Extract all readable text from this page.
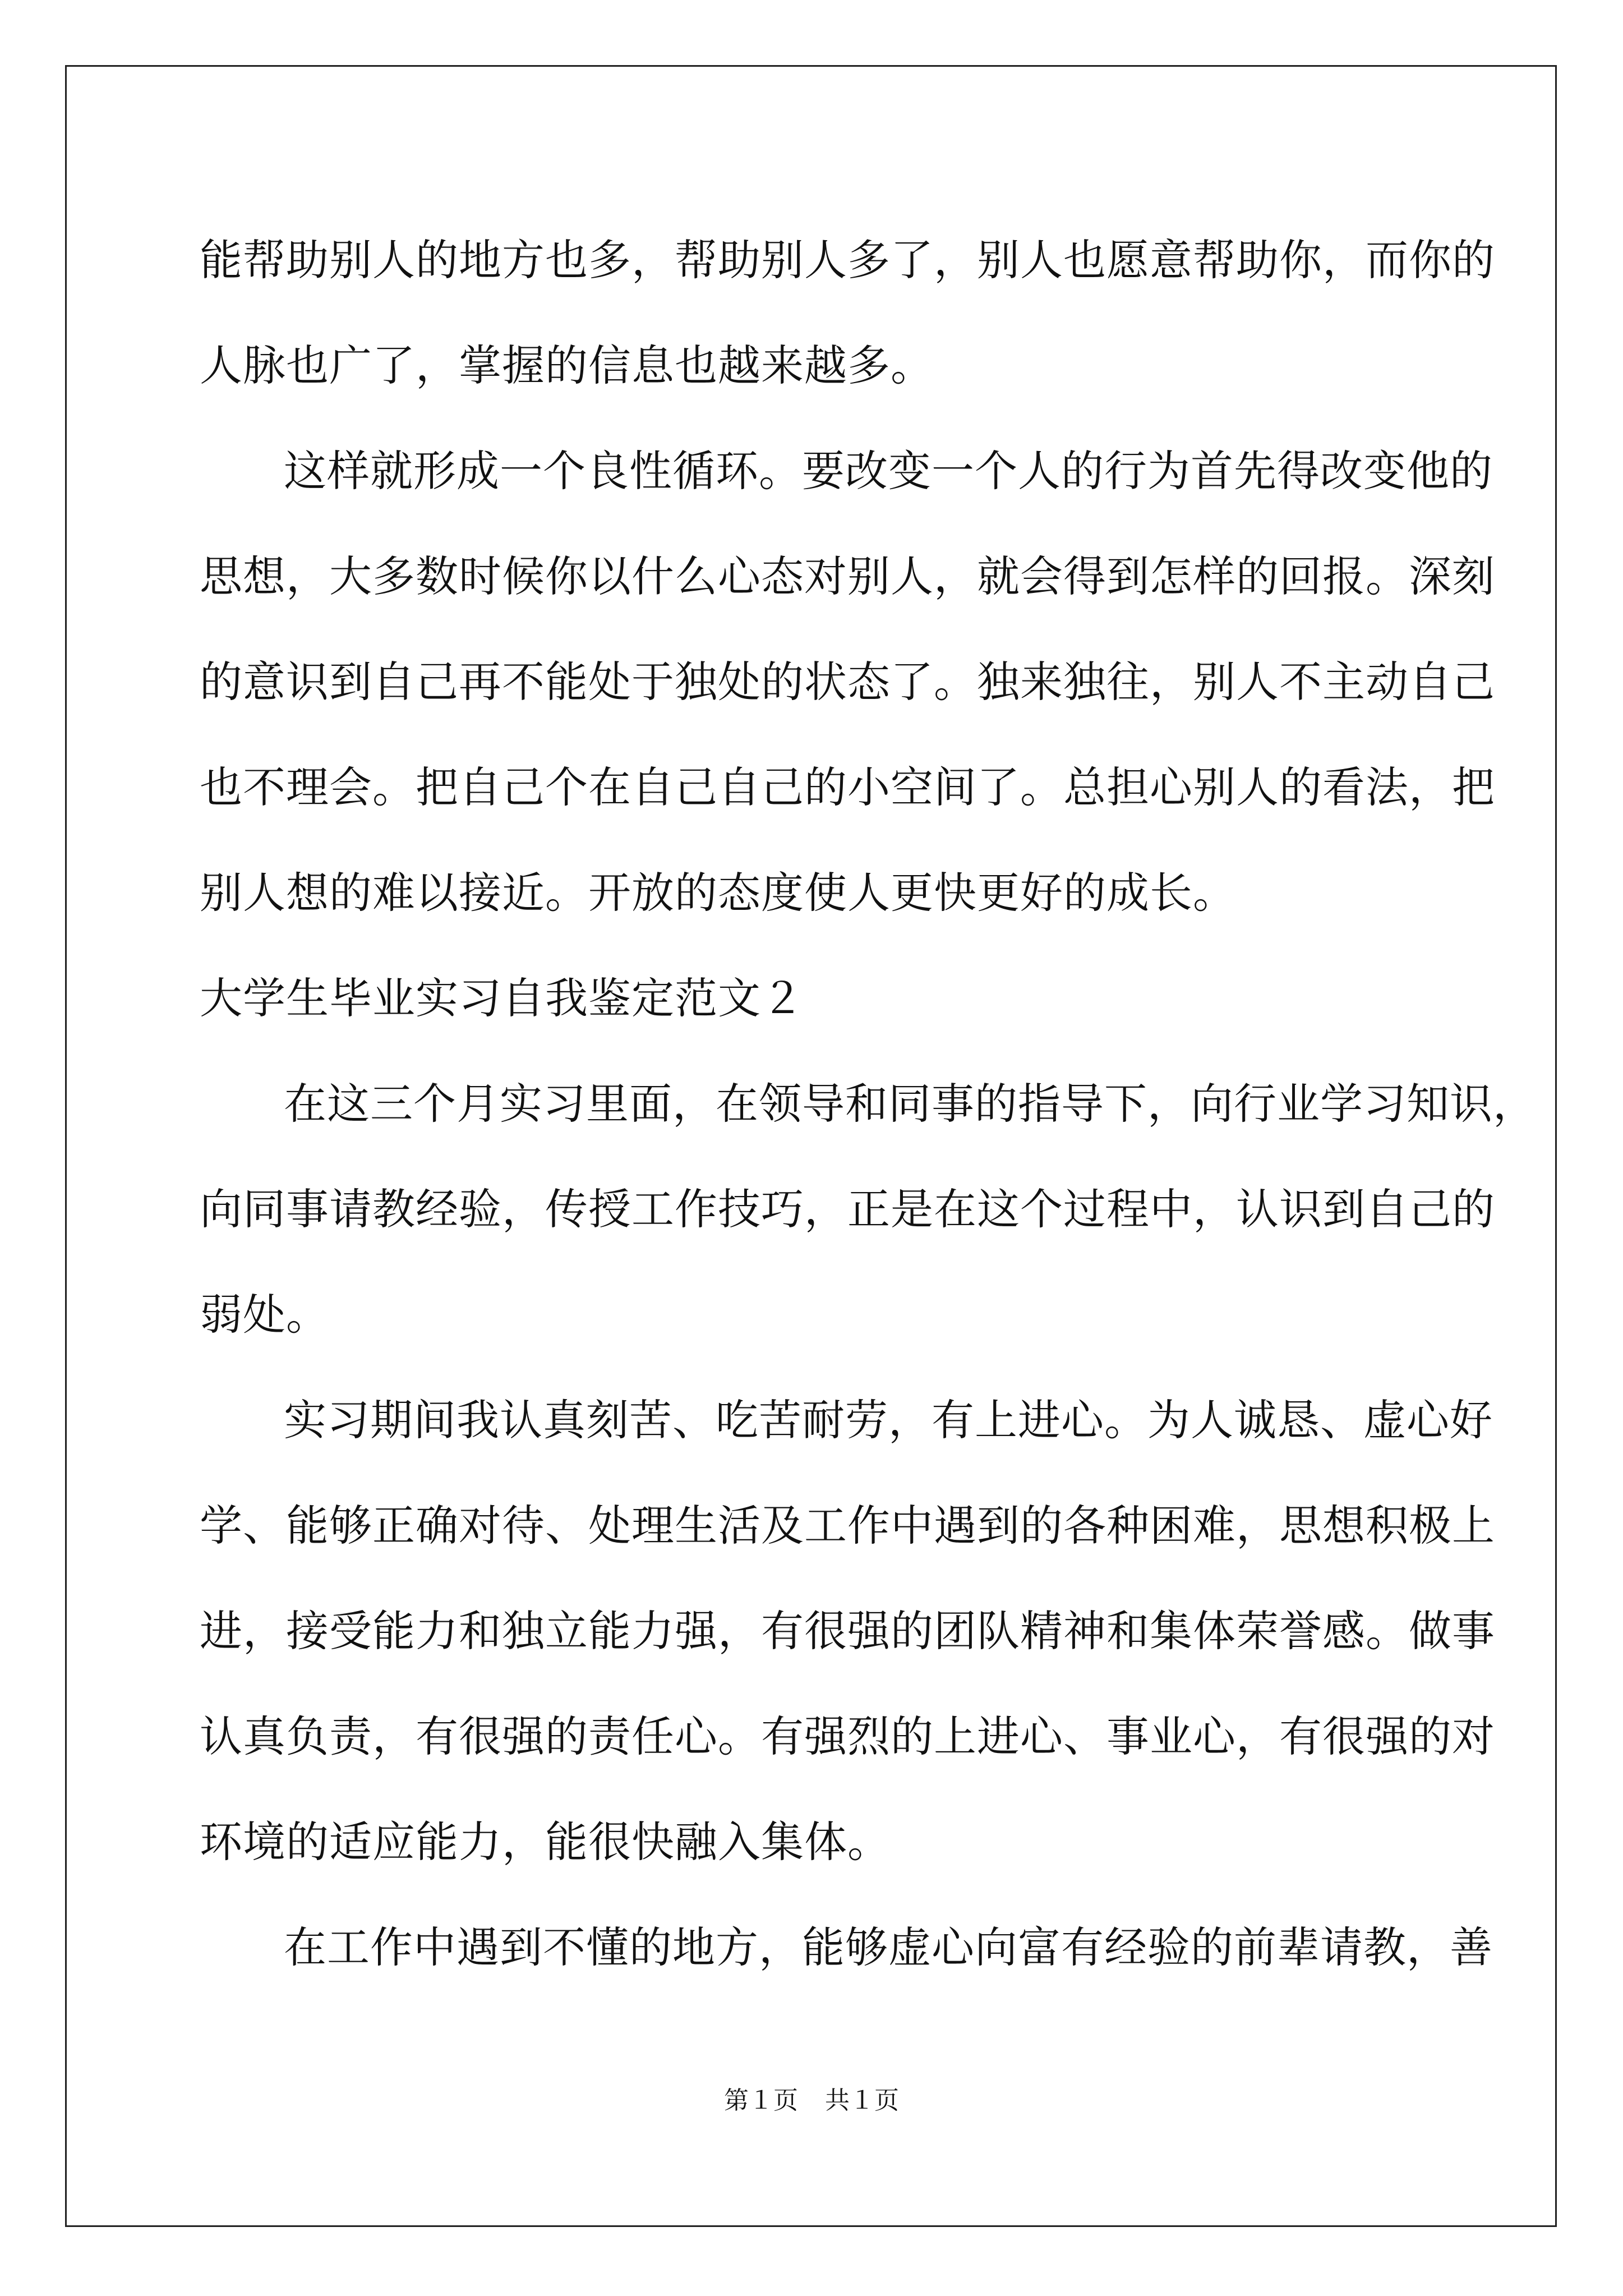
能帮助别人的地方也多，帮助别人多了，别人也愿意帮助你，而你的
人脉也广了，掌握的信息也越来越多。
这样就形成一个良性循环。要改变一个人的行为首先得改变他的
思想，大多数时候你以什么心态对别人，就会得到怎样的回报。深刻
的意识到自己再不能处于独处的状态了。独来独往，别人不主动自己
也不理会。把自己个在自己自己的小空间了。总担心别人的看法，把
别人想的难以接近。开放的态度使人更快更好的成长。
大学生毕业实习自我鉴定范文２
在这三个月实习里面，在领导和同事的指导下，向行业学习知识，
向同事请教经验，传授工作技巧，正是在这个过程中，认识到自己的
弱处。
实习期间我认真刻苦、吃苦耐劳，有上进心。为人诚恳、虚心好
学、能够正确对待、处理生活及工作中遇到的各种困难，思想积极上
进，接受能力和独立能力强，有很强的团队精神和集体荣誉感。做事
认真负责，有很强的责任心。有强烈的上进心、事业心，有很强的对
环境的适应能力，能很快融入集体。
在工作中遇到不懂的地方，能够虚心向富有经验的前辈请教，善
第１页 共１页
